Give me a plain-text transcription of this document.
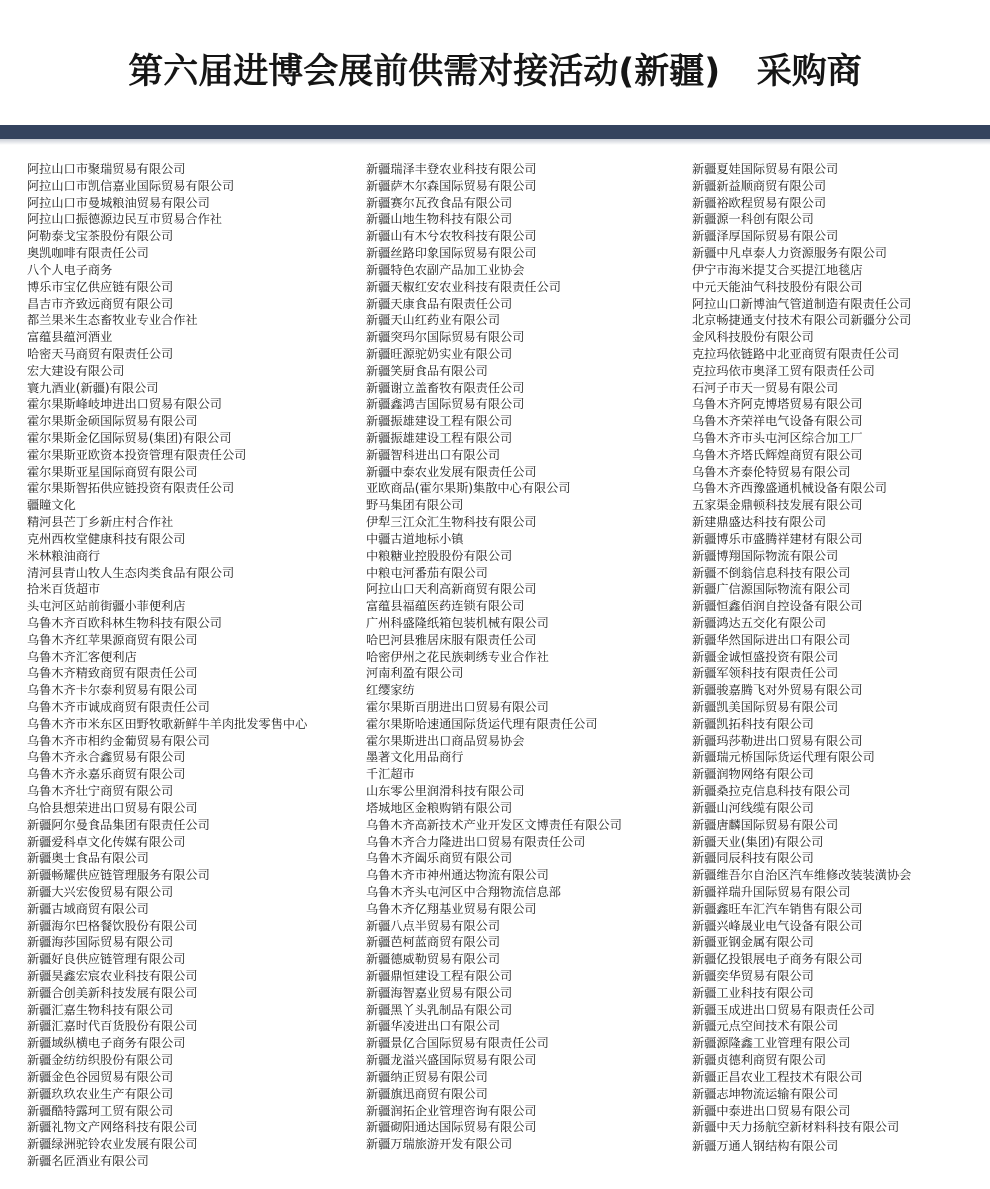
第六届进博会展前供需对接活动(新疆)   采购商
阿拉山口市聚瑞贸易有限公司
阿拉山口市凯信嘉业国际贸易有限公司
阿拉山口市曼城粮油贸易有限公司
阿拉山口振德源边民互市贸易合作社
阿勒泰戈宝茶股份有限公司
奥凯咖啡有限责任公司
八个人电子商务
博乐市宝亿供应链有限公司
昌吉市齐致远商贸有限公司
都兰果米生态畜牧业专业合作社
富蕴县蕴河酒业
哈密天马商贸有限责任公司
宏大建设有限公司
寰九酒业(新疆)有限公司
霍尔果斯峰岐坤进出口贸易有限公司
霍尔果斯金硕国际贸易有限公司
霍尔果斯金亿国际贸易(集团)有限公司
霍尔果斯亚欧资本投资管理有限责任公司
霍尔果斯亚星国际商贸有限公司
霍尔果斯智拓供应链投资有限责任公司
疆瞳文化
精河县芒丁乡新庄村合作社
克州西枚堂健康科技有限公司
米林粮油商行
清河县青山牧人生态肉类食品有限公司
拾米百货超市
头屯河区站前街疆小菲便利店
乌鲁木齐百欧科林生物科技有限公司
乌鲁木齐红苹果源商贸有限公司
乌鲁木齐汇客便利店
乌鲁木齐精致商贸有限责任公司
乌鲁木齐卡尔泰利贸易有限公司
乌鲁木齐市诚成商贸有限责任公司
乌鲁木齐市米东区田野牧歌新鲜牛羊肉批发零售中心
乌鲁木齐市相约金葡贸易有限公司
乌鲁木齐永合鑫贸易有限公司
乌鲁木齐永嘉乐商贸有限公司
乌鲁木齐壮宁商贸有限公司
乌恰县想荣进出口贸易有限公司
新疆阿尔曼食品集团有限责任公司
新疆爱科卓文化传媒有限公司
新疆奥士食品有限公司
新疆畅耀供应链管理服务有限公司
新疆大兴宏俊贸易有限公司
新疆古域商贸有限公司
新疆海尔巴格餐饮股份有限公司
新疆海莎国际贸易有限公司
新疆好良供应链管理有限公司
新疆昊鑫宏宸农业科技有限公司
新疆合创美新科技发展有限公司
新疆汇嘉生物科技有限公司
新疆汇嘉时代百货股份有限公司
新疆域纵横电子商务有限公司
新疆金纺纺织股份有限公司
新疆金色谷园贸易有限公司
新疆玖玖农业生产有限公司
新疆酷特露珂工贸有限公司
新疆礼物文产网络科技有限公司
新疆绿洲驼铃农业发展有限公司
新疆名匠酒业有限公司
新疆瑞泽丰登农业科技有限公司
新疆萨木尔森国际贸易有限公司
新疆赛尔瓦孜食品有限公司
新疆山地生物科技有限公司
新疆山有木兮农牧科技有限公司
新疆丝路印象国际贸易有限公司
新疆特色农副产品加工业协会
新疆天椒红安农业科技有限责任公司
新疆天康食品有限责任公司
新疆天山红药业有限公司
新疆突玛尔国际贸易有限公司
新疆旺源驼奶实业有限公司
新疆笑厨食品有限公司
新疆谢立盖畜牧有限责任公司
新疆鑫鸿吉国际贸易有限公司
新疆振雄建设工程有限公司
新疆振雄建设工程有限公司
新疆智科进出口有限公司
新疆中泰农业发展有限责任公司
亚欧商品(霍尔果斯)集散中心有限公司
野马集团有限公司
伊犁三江众汇生物科技有限公司
中疆古道地标小镇
中粮糖业控股股份有限公司
中粮屯河番茄有限公司
阿拉山口天利高新商贸有限公司
富蕴县福蕴医药连锁有限公司
广州科盛隆纸箱包装机械有限公司
哈巴河县雅居床服有限责任公司
哈密伊州之花民族刺绣专业合作社
河南利盈有限公司
红缨家纺
霍尔果斯百朋进出口贸易有限公司
霍尔果斯哈速通国际货运代理有限责任公司
霍尔果斯进出口商品贸易协会
墨著文化用品商行
千汇超市
山东零公里润滑科技有限公司
塔城地区金粮购销有限公司
乌鲁木齐高新技术产业开发区文博责任有限公司
乌鲁木齐合力隆进出口贸易有限责任公司
乌鲁木齐阖乐商贸有限公司
乌鲁木齐市神州通达物流有限公司
乌鲁木齐头屯河区中合翔物流信息部
乌鲁木齐亿翔基业贸易有限公司
新疆八点半贸易有限公司
新疆芭柯蓝商贸有限公司
新疆德威勒贸易有限公司
新疆鼎恒建设工程有限公司
新疆海智嘉业贸易有限公司
新疆黑丫头乳制品有限公司
新疆华凌进出口有限公司
新疆景亿合国际贸易有限责任公司
新疆龙溢兴盛国际贸易有限公司
新疆纳正贸易有限公司
新疆旗迅商贸有限公司
新疆润拓企业管理咨询有限公司
新疆砌阳通达国际贸易有限公司
新疆万瑞旅游开发有限公司
新疆夏娃国际贸易有限公司
新疆新益顺商贸有限公司
新疆裕欧程贸易有限公司
新疆源一科创有限公司
新疆泽厚国际贸易有限公司
新疆中凡卓泰人力资源服务有限公司
伊宁市海米提艾合买提江地毯店
中元天能油气科技股份有限公司
阿拉山口新博油气管道制造有限责任公司
北京畅捷通支付技术有限公司新疆分公司
金风科技股份有限公司
克拉玛依链路中北亚商贸有限责任公司
克拉玛依市奥泽工贸有限责任公司
石河子市天一贸易有限公司
乌鲁木齐阿克博塔贸易有限公司
乌鲁木齐荣祥电气设备有限公司
乌鲁木齐市头屯河区综合加工厂
乌鲁木齐塔氏辉煌商贸有限公司
乌鲁木齐泰伦特贸易有限公司
乌鲁木齐西豫盛通机械设备有限公司
五家渠金鼎顿科技发展有限公司
新建鼎盛达科技有限公司
新疆博乐市盛腾祥建材有限公司
新疆博翔国际物流有限公司
新疆不倒翁信息科技有限公司
新疆广信源国际物流有限公司
新疆恒鑫佰润自控设备有限公司
新疆鸿达五交化有限公司
新疆华然国际进出口有限公司
新疆金诚恒盛投资有限公司
新疆军领科技有限责任公司
新疆骏嘉腾飞对外贸易有限公司
新疆凯美国际贸易有限公司
新疆凯拓科技有限公司
新疆玛莎勒进出口贸易有限公司
新疆瑞元桥国际货运代理有限公司
新疆润物网络有限公司
新疆桑拉克信息科技有限公司
新疆山河线缆有限公司
新疆唐麟国际贸易有限公司
新疆天业(集团)有限公司
新疆同辰科技有限公司
新疆维吾尔自治区汽车维修改装装潢协会
新疆祥瑞升国际贸易有限公司
新疆鑫旺车汇汽车销售有限公司
新疆兴峰晟业电气设备有限公司
新疆亚钢金属有限公司
新疆亿投银展电子商务有限公司
新疆奕华贸易有限公司
新疆工业科技有限公司
新疆玉成进出口贸易有限责任公司
新疆元点空间技术有限公司
新疆源隆鑫工业管理有限公司
新疆贞德利商贸有限公司
新疆正昌农业工程技术有限公司
新疆志坤物流运输有限公司
新疆中泰进出口贸易有限公司
新疆中天力扬航空新材料科技有限公司
新疆万通人钢结构有限公司
